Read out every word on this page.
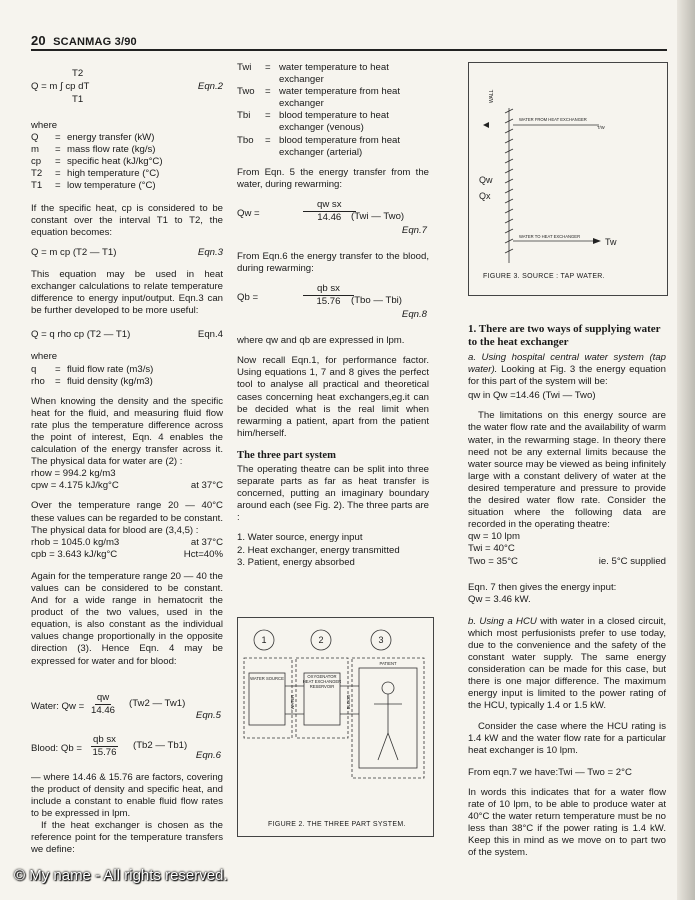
20 SCANMAG 3/90
T2
Q = m ∫ cp dT	Eqn.2
T1
where
Q	= energy transfer (kW)
m	= mass flow rate (kg/s)
cp	= specific heat (kJ/kg°C)
T2	= high temperature (°C)
T1	= low temperature (°C)

If the specific heat, cp is considered to be constant over the interval T1 to T2, the equation becomes:

Q = m cp (T2 — T1)	Eqn.3

This equation may be used in heat exchanger calculations to relate temperature difference to energy input/output. Eqn.3 can be further developed to be more useful:

Q = q rho cp (T2 — T1)	Eqn.4
where
q	= fluid flow rate (m3/s)
rho	= fluid density (kg/m3)

When knowing the density and the specific heat for the fluid, and measuring fluid flow rate plus the temperature difference across the point of interest, Eqn. 4 enables the calculation of the energy transfer across it. The physical data for water are (2) :

rhow = 994.2 kg/m3
cpw = 4.175 kJ/kg°C	at 37°C

Over the temperature range 20 — 40°C these values can be regarded to be constant. The physical data for blood are (3,4,5) :

rhob = 1045.0 kg/m3	at 37°C
cpb = 3.643 kJ/kg°C	Hct=40%

Again for the temperature range 20 — 40 the values can be considered to be constant. And for a wide range in hematocrit the product of the two values, used in the equation, is also constant as the individual values change proportionally in the opposite direction (3). Hence Eqn. 4 may be expressed for water and for blood:

Water: $Qw = \frac{qw}{14.46} (Tw2$ — Tw1)
Eqn.5
Blood: $Qb = \frac{\text{qb sx}}{15.76} (Tb2$ — Tb1)
Eqn.6

— where 14.46 & 15.76 are factors, covering the product of density and specific heat, and include a constant to enable fluid flow rates to be expressed in lpm.

If the heat exchanger is chosen as the reference point for the temperature transfers we define:

Twi	= water temperature to heat exchanger
Two	= water temperature from heat exchanger
Tbi	= blood temperature to heat exchanger (venous)
Tbo	= blood temperature from heat exchanger (arterial)

From Eqn. 5 the energy transfer from the water, during rewarming:

Qw =	$\frac{\text{qw sx}}{14.46}$
(Twi — Two)
Eqn.7

From Eqn.6 the energy transfer to the blood, during rewarming:

Qb =	$\frac{\text{qb sx}}{15.76}$
(Tbo — Tbi)
Eqn.8

where qw and qb are expressed in lpm.

Now recall Eqn.1, for performance factor. Using equations 1, 7 and 8 gives the perfect tool to analyse all practical and theoretical cases concerning heat exchangers,eg.it can be decided what is the real limit when rewarming a patient, apart from the patient him/herself.

The three part system

The operating theatre can be split into three separate parts as far as heat transfer is concerned, putting an imaginary boundary around each (see Fig. 2). The three parts are :

1. Water source, energy input
2. Heat exchanger, energy transmitted
3. Patient, energy absorbed
1	2	3
WATER SOURCE	OXYGENATOR
HEAT EXCHANGER
RESERVOIR
PATIENT
WATER	BLOOD
FIGURE 2. THE THREE PART SYSTEM.
WALL
WATER FROM HEAT EXCHANGER
T/W
WATER TO HEAT EXCHANGER
Tw
Qw
Qx
FIGURE 3. SOURCE : TAP WATER.
1. There are two ways of supplying water to the heat exchanger

a. Using hospital central water system (tap water). Looking at Fig. 3 the energy equation for this part of the system will be:

qw in Qw =14.46 (Twi — Two)

The limitations on this energy source are the water flow rate and the availability of warm water, in the rewarming stage. In theory there need not be any external limits because the water source may be viewed as being infinitely large with a constant delivery of water at the desired temperature and pressure to provide the desired water flow rate. Consider the situation where the following data are recorded in the operating theatre:

qw = 10 lpm
Twi = 40°C
Two = 35°C	ie. 5°C supplied
Eqn. 7 then gives the energy input:
Qw = 3.46 kW.

b. Using a HCU with water in a closed circuit, which most perfusionists prefer to use today, due to the convenience and the safety of the constant water supply. The same energy consideration can be made for this case, but there is one major difference. The maximum energy input is limited to the power rating of the HCU, typically 1.4 or 1.5 kW.

Consider the case where the HCU rating is 1.4 kW and the water flow rate for a particular heat exchanger is 10 lpm.

From eqn.7 we have:Twi — Two = 2°C

In words this indicates that for a water flow rate of 10 lpm, to be able to produce water at 40°C the water return temperature must be no less than 38°C if the power rating is 1.4 kW. Keep this in mind as we move on to part two of the system.

© My name - All rights reserved.
